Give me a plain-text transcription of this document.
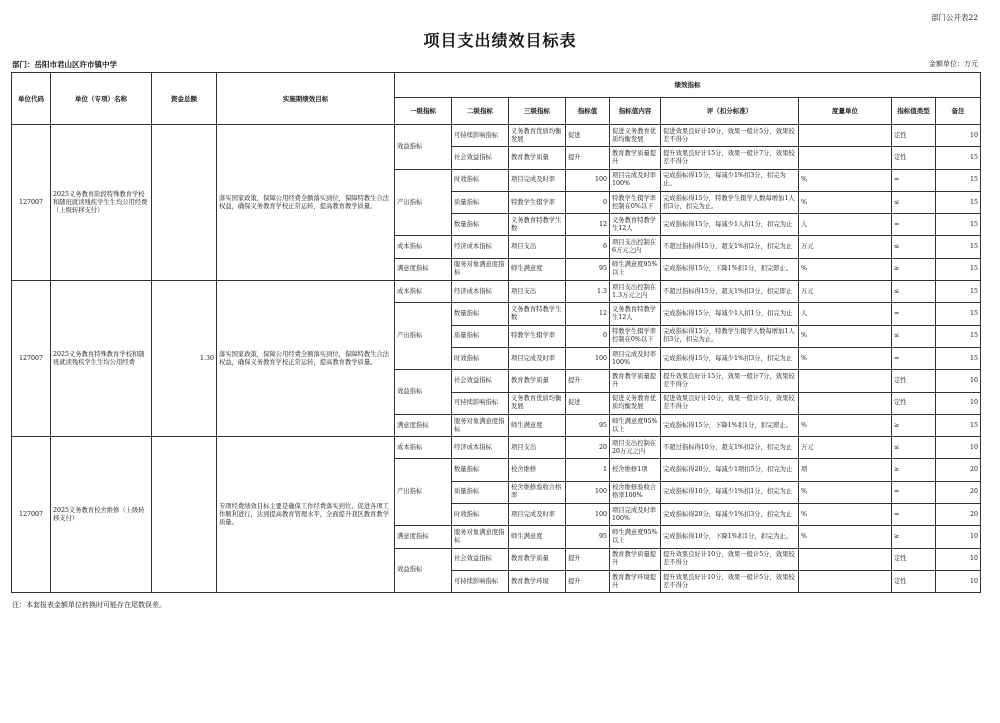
部门公开表22
项目支出绩效目标表
部门：岳阳市君山区许市镇中学	金额单位：万元
单位代码	单位（专项）名称	资金总额	实施期绩效目标	绩效指标								
				一级指标	二级指标	三级指标	指标值	指标值内容	评（扣分标准）	度量单位	指标值类型	备注
127007	2025义务教育阶段特殊教育学校和随班就读残疾学生生均公用经费（上级转移支付）		落实国家政策，保障公用经费全额落实到位，保障特教生合法权益，确保义务教育学校正常运转，提高教育教学质量。	效益指标	可持续影响指标	义务教育优质均衡发展	促进	促进义务教育优质均衡发展	促进效果良好计10分，效果一般计5分，效果较差不得分		定性	10
					社会效益指标	教育教学质量	提升	教育教学质量提升	提升效果良好计15分，效果一般计7分，效果较差不得分		定性	15
				产出指标	时效指标	项目完成及时率	100	项目完成及时率100%	完成指标得15分，每减少1%扣3分，扣完为止。	%	=	15
					质量指标	特教学生辍学率	0	特教学生辍学率控制在0%以下	完成指标得15分，特教学生辍学人数每增加1人扣3分，扣完为止。	%	≤	15
					数量指标	义务教育特教学生数	12	义务教育特教学生12人	完成指标得15分，每减少1人扣1分，扣完为止	人	=	15
				成本指标	经济成本指标	项目支出	6	项目支出控制在6万元之内	不超过指标得15分，超支1%扣2分，扣完为止	万元	≤	15
				满意度指标	服务对象满意度指标	师生满意度	95	师生满意度95%以上	完成指标得15分，下降1%扣1分，扣完即止。	%	≥	15
127007	2025义务教育特殊教育学校和随班就读残疾学生生均公用经费	1.30	落实国家政策，保障公用经费全额落实到位，保障特教生合法权益，确保义务教育学校正常运转，提高教育教学质量。	成本指标	经济成本指标	项目支出	1.3	项目支出控制在1.3万元之内	不超过指标得15分，超支1%扣3分，扣完即止	万元	≤	15
				产出指标	数量指标	义务教育特教学生数	12	义务教育特教学生12人	完成指标得15分，每减少1人扣1分，扣完为止	人	=	15
					质量指标	特教学生辍学率	0	特教学生辍学率控制在0%以下	完成指标得15分，特教学生辍学人数每增加1人扣3分，扣完为止。	%	≤	15
					时效指标	项目完成及时率	100	项目完成及时率100%	完成指标得15分，每减少1%扣3分，扣完为止	%	=	15
				效益指标	社会效益指标	教育教学质量	提升	教育教学质量提升	提升效果良好计15分，效果一般计7分，效果较差不得分		定性	10
					可持续影响指标	义务教育优质均衡发展	促进	促进义务教育优质均衡发展	促进效果良好计10分，效果一般计5分，效果较差不得分		定性	10
				满意度指标	服务对象满意度指标	师生满意度	95	师生满意度95%以上	完成指标得15分，下降1%扣1分，扣完即止。	%	≥	15
127007	2025义务教育校舍维修（上级转移支付）		专项经费绩效目标主要是确保工作经费落实到位，促进各项工作顺利进行，达到提高教育管理水平，全面提升我区教育教学质量。	成本指标	经济成本指标	项目支出	20	项目支出控制在20万元之内	不超过指标得10分，超支1%扣2分，扣完为止	万元	≤	10
				产出指标	数量指标	校舍维修	1	校舍维修1项	完成指标得20分，每减少1项扣5分，扣完为止	项	≥	20
					质量指标	校舍维修验收合格率	100	校舍维修验收合格率100%	完成指标得10分，每减少1%扣1分，扣完为止	%	=	20
					时效指标	项目完成及时率	100	项目完成及时率100%	完成指标得20分，每减少1%扣3分，扣完为止	%	=	20
				满意度指标	服务对象满意度指标	师生满意度	95	师生满意度95%以上	完成指标得10分，下降1%扣1分，扣完为止。	%	≥	10
				效益指标	社会效益指标	教育教学质量	提升	教育教学质量提升	提升效果良好计10分，效果一般计5分，效果较差不得分		定性	10
					可持续影响指标	教育教学环境	提升	教育教学环境提升	提升效果良好计10分，效果一般计5分，效果较差不得分		定性	10
注：本套报表金额单位转换时可能存在尾数误差。
